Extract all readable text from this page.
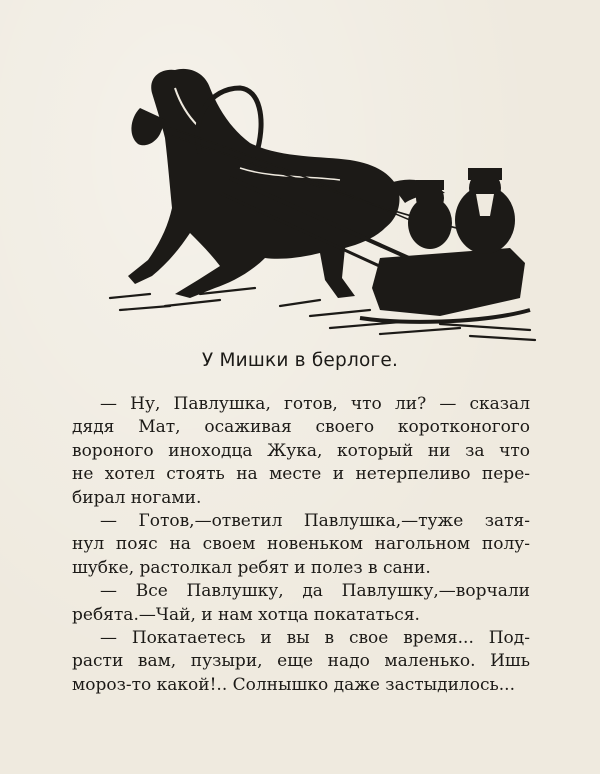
У Мишки в берлоге.

— Ну, Павлушка, готов, что ли? — сказал
дядя Мат, осаживая своего коротконогого
вороного иноходца Жука, который ни за что
не хотел стоять на месте и нетерпеливо пере-
бирал ногами.

— Готов,—ответил Павлушка,—туже затя-
нул пояс на своем новеньком нагольном полу-
шубке, растолкал ребят и полез в сани.

— Все Павлушку, да Павлушку,—ворчали
ребята.—Чай, и нам хотца покататься.

— Покатаетесь и вы в свое время... Под-
расти вам, пузыри, еще надо маленько. Ишь
мороз-то какой!.. Солнышко даже застыдилось...
